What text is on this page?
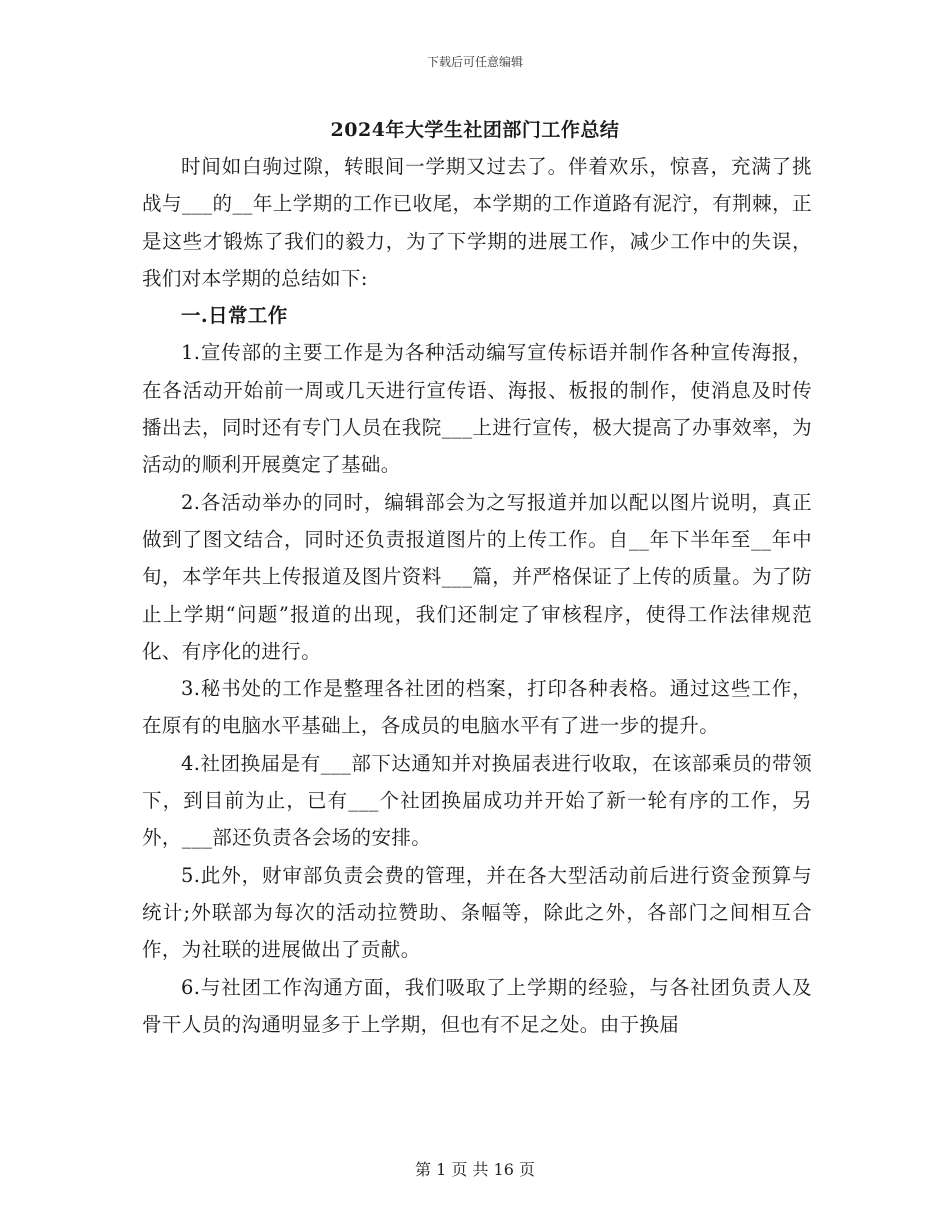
下载后可任意编辑
2024年大学生社团部门工作总结

时间如白驹过隙，转眼间一学期又过去了。伴着欢乐，惊喜，充满了挑战与___的__年上学期的工作已收尾，本学期的工作道路有泥泞，有荆棘，正是这些才锻炼了我们的毅力，为了下学期的进展工作，减少工作中的失误，我们对本学期的总结如下:

一.日常工作

1.宣传部的主要工作是为各种活动编写宣传标语并制作各种宣传海报，在各活动开始前一周或几天进行宣传语、海报、板报的制作，使消息及时传播出去，同时还有专门人员在我院___上进行宣传，极大提高了办事效率，为活动的顺利开展奠定了基础。

2.各活动举办的同时，编辑部会为之写报道并加以配以图片说明，真正做到了图文结合，同时还负责报道图片的上传工作。自__年下半年至__年中旬，本学年共上传报道及图片资料___篇，并严格保证了上传的质量。为了防止上学期“问题”报道的出现，我们还制定了审核程序，使得工作法律规范化、有序化的进行。

3.秘书处的工作是整理各社团的档案，打印各种表格。通过这些工作，在原有的电脑水平基础上，各成员的电脑水平有了进一步的提升。

4.社团换届是有___部下达通知并对换届表进行收取，在该部乘员的带领下，到目前为止，已有___个社团换届成功并开始了新一轮有序的工作，另外，___部还负责各会场的安排。

5.此外，财审部负责会费的管理，并在各大型活动前后进行资金预算与统计;外联部为每次的活动拉赞助、条幅等，除此之外，各部门之间相互合作，为社联的进展做出了贡献。

6.与社团工作沟通方面，我们吸取了上学期的经验，与各社团负责人及骨干人员的沟通明显多于上学期，但也有不足之处。由于换届

第 1 页 共 16 页
